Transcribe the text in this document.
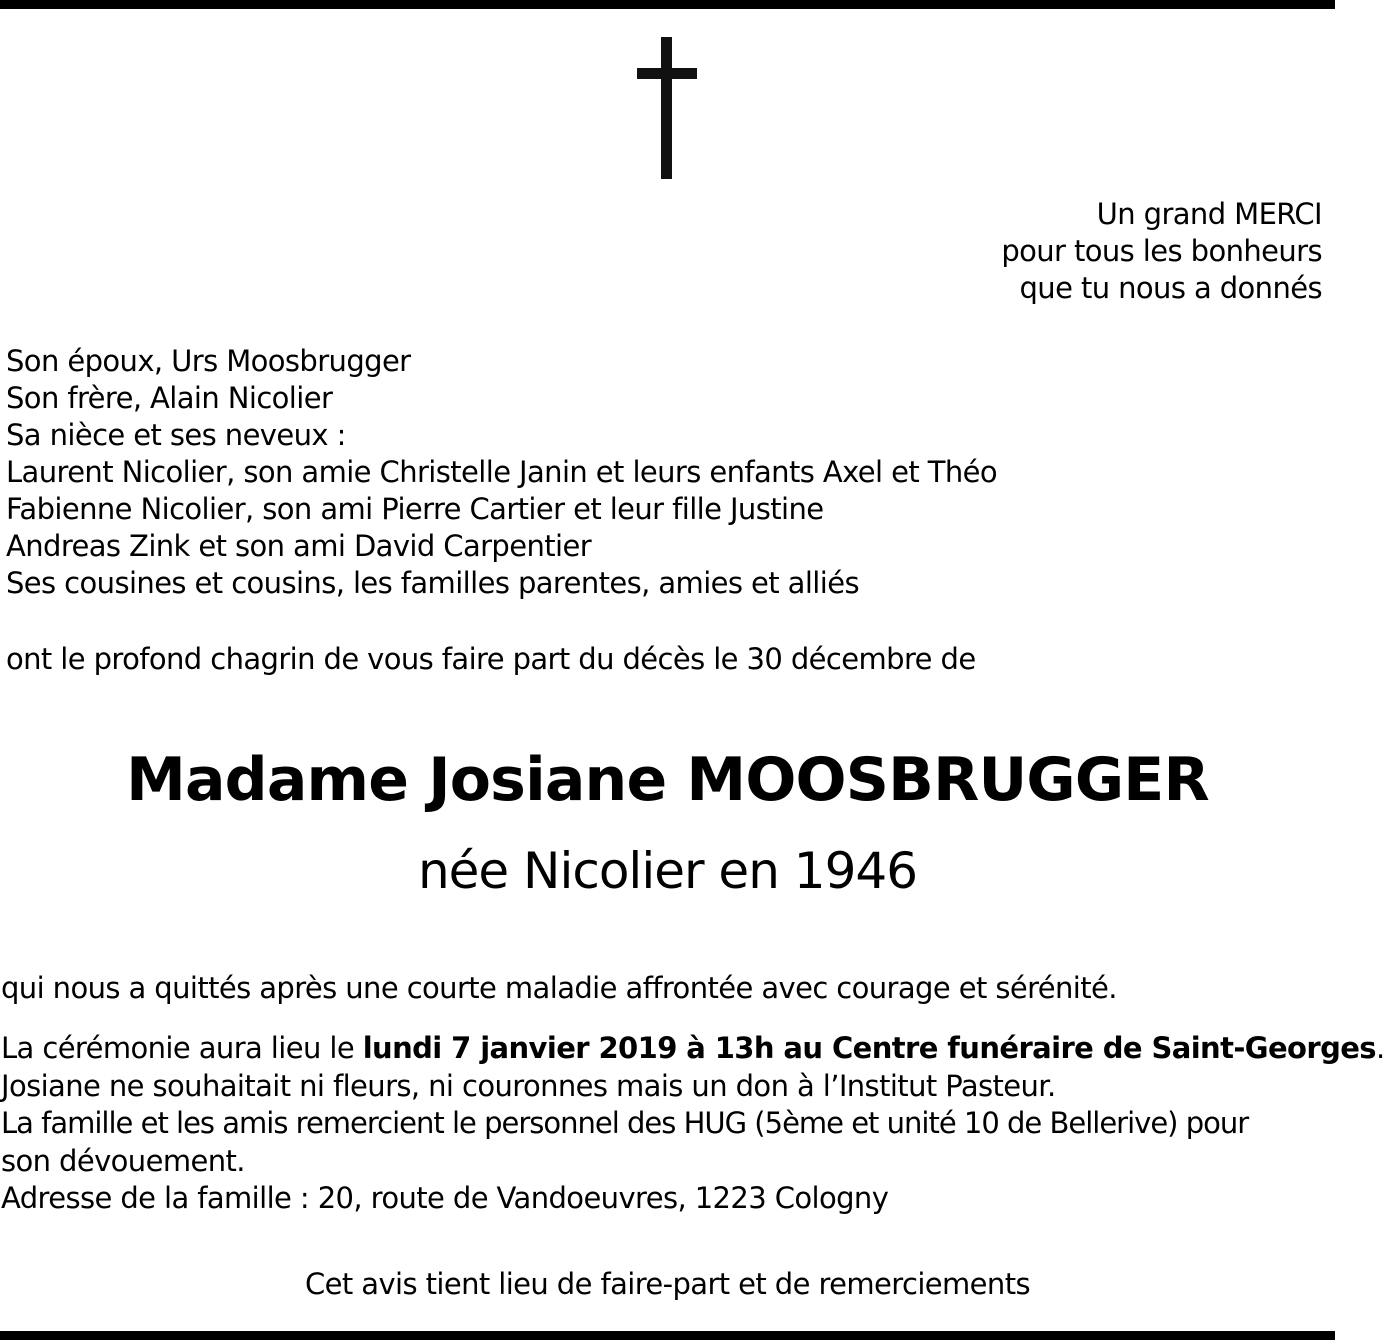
Un grand MERCI
pour tous les bonheurs
que tu nous a donnés
Son époux, Urs Moosbrugger
Son frère, Alain Nicolier
Sa nièce et ses neveux :
Laurent Nicolier, son amie Christelle Janin et leurs enfants Axel et Théo
Fabienne Nicolier, son ami Pierre Cartier et leur fille Justine
Andreas Zink et son ami David Carpentier
Ses cousines et cousins, les familles parentes, amies et alliés
ont le profond chagrin de vous faire part du décès le 30 décembre de
Madame Josiane MOOSBRUGGER
née Nicolier en 1946
qui nous a quittés après une courte maladie affrontée avec courage et sérénité.
La cérémonie aura lieu le lundi 7 janvier 2019 à 13h au Centre funéraire de Saint-Georges.
Josiane ne souhaitait ni fleurs, ni couronnes mais un don à l’Institut Pasteur.
La famille et les amis remercient le personnel des HUG (5ème et unité 10 de Bellerive) pour
son dévouement.
Adresse de la famille : 20, route de Vandoeuvres, 1223 Cologny
Cet avis tient lieu de faire-part et de remerciements
